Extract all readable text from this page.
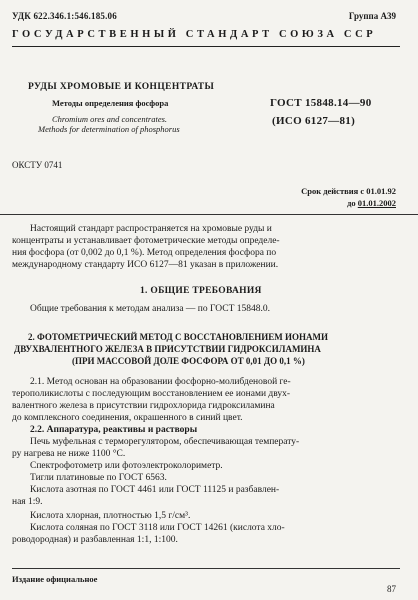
УДК 622.346.1:546.185.06	Группа А39
ГОСУДАРСТВЕННЫЙ СТАНДАРТ СОЮЗА ССР
РУДЫ ХРОМОВЫЕ И КОНЦЕНТРАТЫ
Методы определения фосфора
Chromium ores and concentrates.
Methods for determination of phosphorus
ГОСТ 15848.14—90
(ИСО 6127—81)
ОКСТУ 0741
Срок действия с 01.01.92
до 01.01.2002
Настоящий стандарт распространяется на хромовые руды и
концентраты и устанавливает фотометрические методы определе-
ния фосфора (от 0,002 до 0,1 %). Метод определения фосфора по
международному стандарту ИСО 6127—81 указан в приложении.
1. ОБЩИЕ ТРЕБОВАНИЯ
Общие требования к методам анализа — по ГОСТ 15848.0.
2. ФОТОМЕТРИЧЕСКИЙ МЕТОД С ВОССТАНОВЛЕНИЕМ ИОНАМИ
ДВУХВАЛЕНТНОГО ЖЕЛЕЗА В ПРИСУТСТВИИ ГИДРОКСИЛАМИНА
(ПРИ МАССОВОЙ ДОЛЕ ФОСФОРА ОТ 0,01 ДО 0,1 %)
2.1. Метод основан на образовании фосфорно-молибденовой ге-
терополикислоты с последующим восстановлением ее ионами двух-
валентного железа в присутствии гидрохлорида гидроксиламина
до комплексного соединения, окрашенного в синий цвет.
2.2. Аппаратура, реактивы и растворы
Печь муфельная с терморегулятором, обеспечивающая температу-
ру нагрева не ниже 1100 °С.
Спектрофотометр или фотоэлектроколориметр.
Тигли платиновые по ГОСТ 6563.
Кислота азотная по ГОСТ 4461 или ГОСТ 11125 и разбавлен-
ная 1:9.
Кислота хлорная, плотностью 1,5 г/см³.
Кислота соляная по ГОСТ 3118 или ГОСТ 14261 (кислота хло-
роводородная) и разбавленная 1:1, 1:100.
Издание официальное
87
